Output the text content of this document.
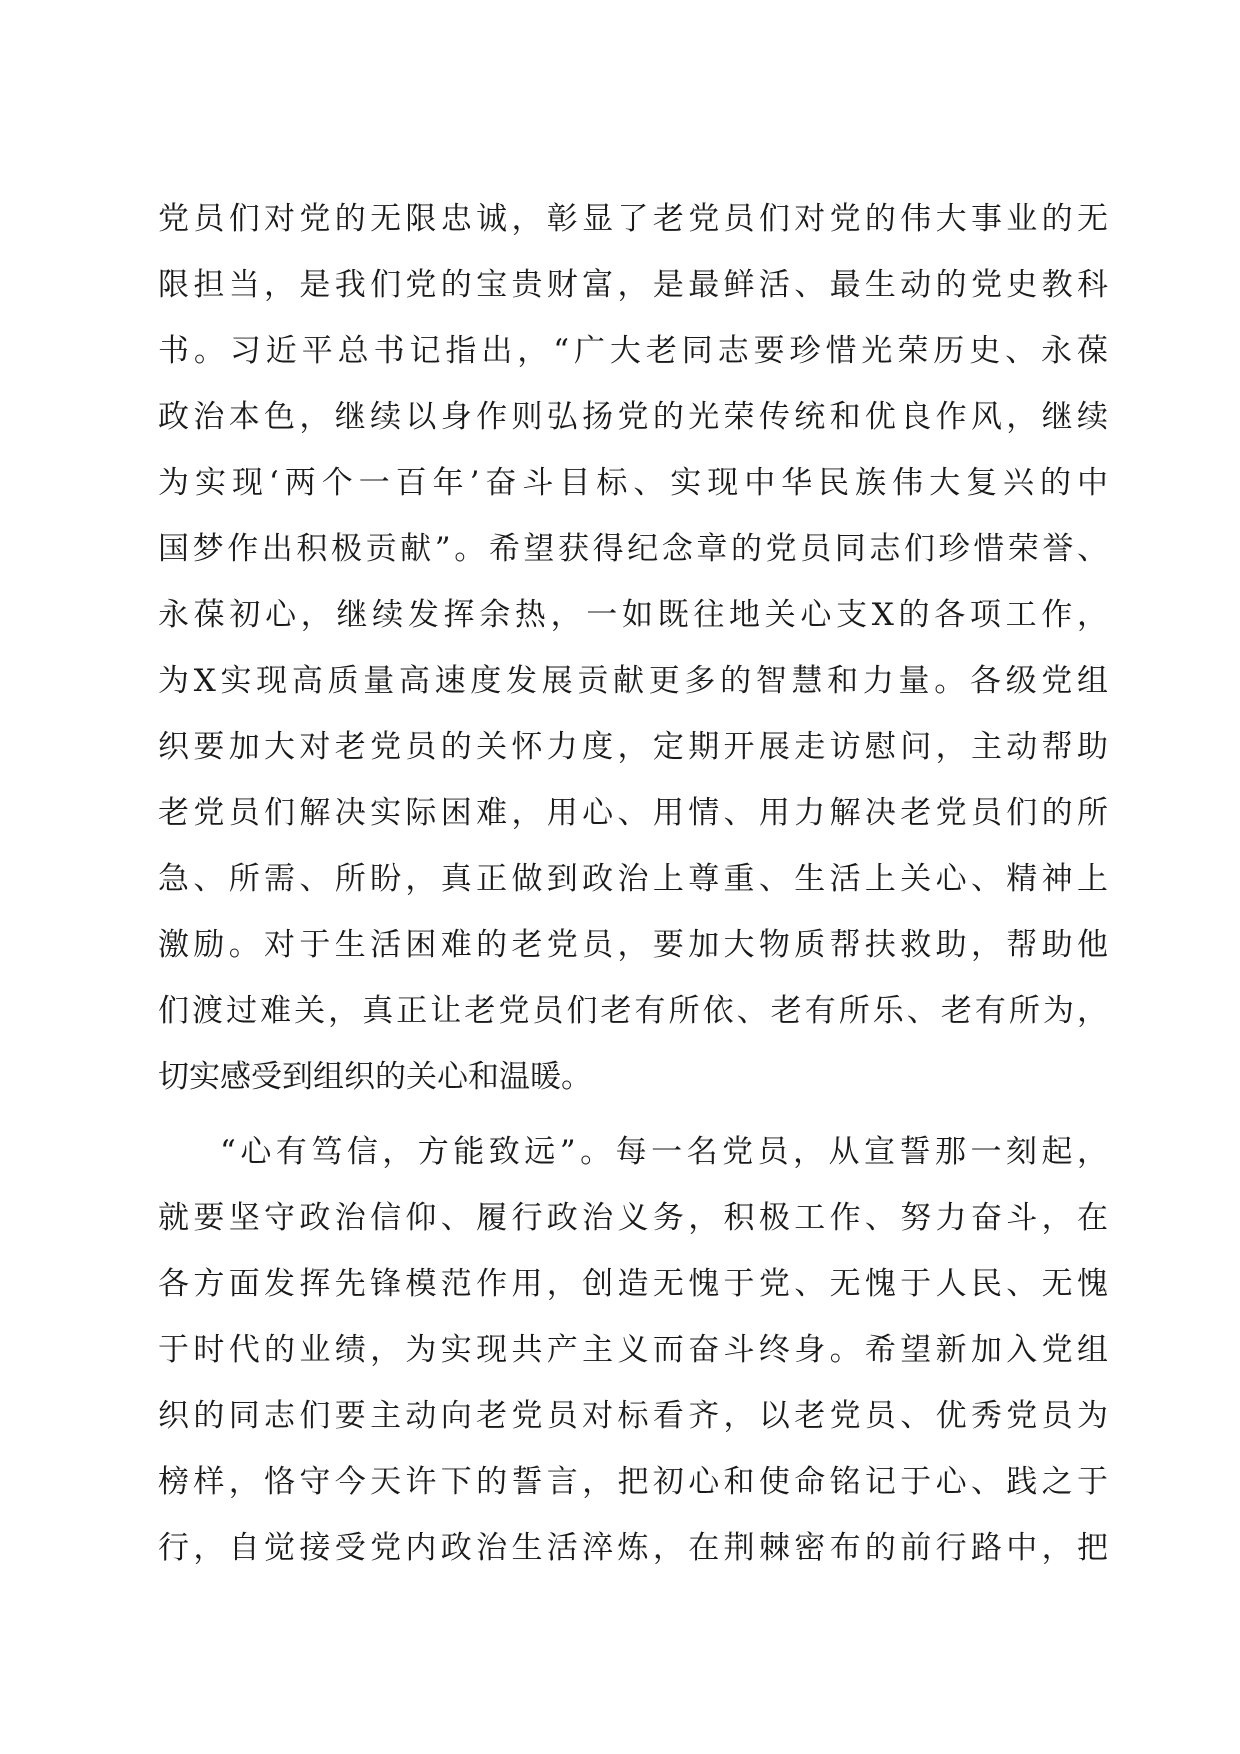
党员们对党的无限忠诚，彰显了老党员们对党的伟大事业的无
限担当，是我们党的宝贵财富，是最鲜活、最生动的党史教科
书。习近平总书记指出，“广大老同志要珍惜光荣历史、永葆
政治本色，继续以身作则弘扬党的光荣传统和优良作风，继续
为实现‘两个一百年’奋斗目标、实现中华民族伟大复兴的中
国梦作出积极贡献”。希望获得纪念章的党员同志们珍惜荣誉、
永葆初心，继续发挥余热，一如既往地关心支X的各项工作，
为X实现高质量高速度发展贡献更多的智慧和力量。各级党组
织要加大对老党员的关怀力度，定期开展走访慰问，主动帮助
老党员们解决实际困难，用心、用情、用力解决老党员们的所
急、所需、所盼，真正做到政治上尊重、生活上关心、精神上
激励。对于生活困难的老党员，要加大物质帮扶救助，帮助他
们渡过难关，真正让老党员们老有所依、老有所乐、老有所为，
切实感受到组织的关心和温暖。
“心有笃信，方能致远”。每一名党员，从宣誓那一刻起，
就要坚守政治信仰、履行政治义务，积极工作、努力奋斗，在
各方面发挥先锋模范作用，创造无愧于党、无愧于人民、无愧
于时代的业绩，为实现共产主义而奋斗终身。希望新加入党组
织的同志们要主动向老党员对标看齐，以老党员、优秀党员为
榜样，恪守今天许下的誓言，把初心和使命铭记于心、践之于
行，自觉接受党内政治生活淬炼，在荆棘密布的前行路中，把
